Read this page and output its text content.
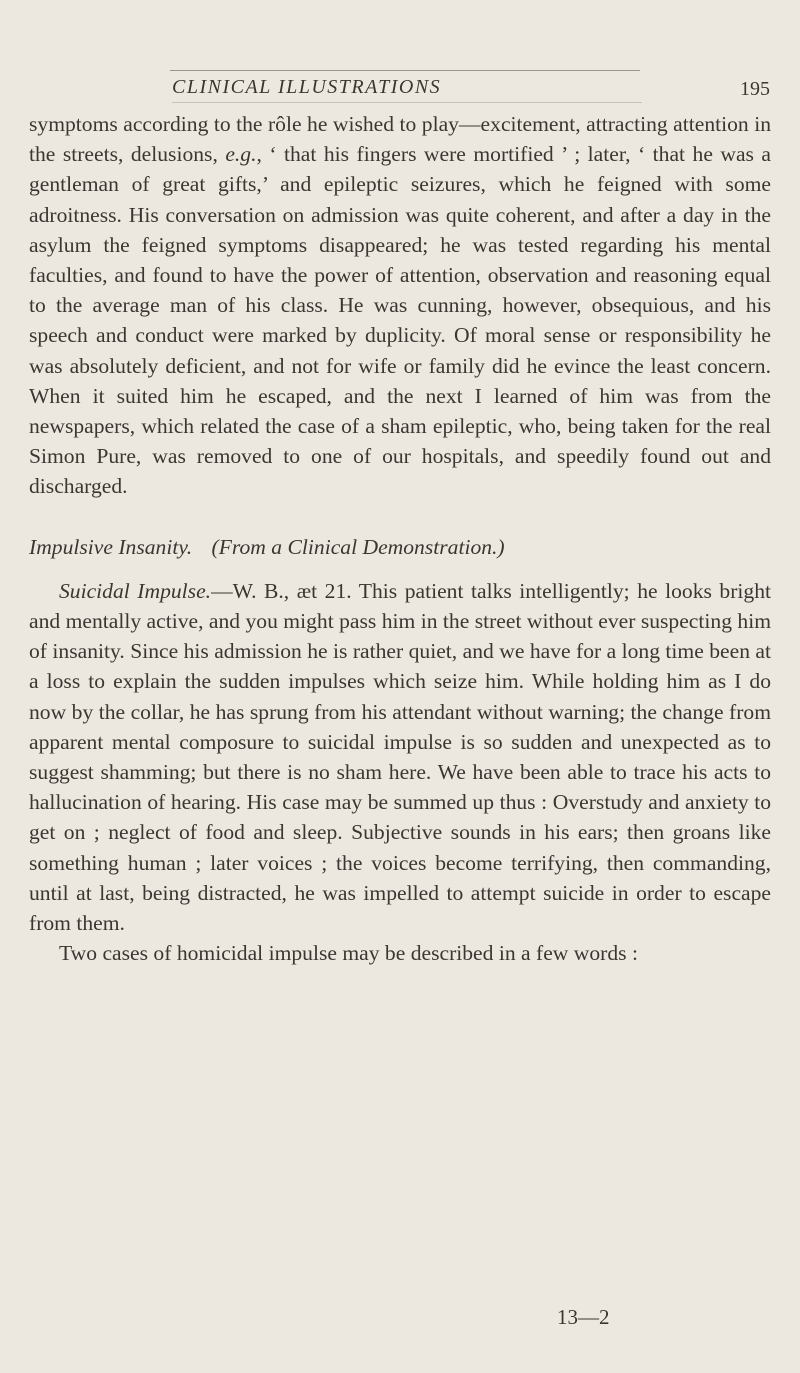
CLINICAL ILLUSTRATIONS	195

symptoms according to the rôle he wished to play—excitement, attracting attention in the streets, delusions, e.g., ‘ that his fingers were mortified ’ ; later, ‘ that he was a gentleman of great gifts,’ and epileptic seizures, which he feigned with some adroitness. His conversation on admission was quite coherent, and after a day in the asylum the feigned symptoms disappeared; he was tested regarding his mental faculties, and found to have the power of attention, observation and reasoning equal to the average man of his class. He was cunning, however, obsequious, and his speech and conduct were marked by duplicity. Of moral sense or responsibility he was absolutely deficient, and not for wife or family did he evince the least concern. When it suited him he escaped, and the next I learned of him was from the newspapers, which related the case of a sham epileptic, who, being taken for the real Simon Pure, was removed to one of our hospitals, and speedily found out and discharged.

Impulsive Insanity. (From a Clinical Demonstration.)

Suicidal Impulse.—W. B., æt 21. This patient talks intelligently; he looks bright and mentally active, and you might pass him in the street without ever suspecting him of insanity. Since his admission he is rather quiet, and we have for a long time been at a loss to explain the sudden impulses which seize him. While holding him as I do now by the collar, he has sprung from his attendant without warning; the change from apparent mental composure to suicidal impulse is so sudden and unexpected as to suggest shamming; but there is no sham here. We have been able to trace his acts to hallucination of hearing. His case may be summed up thus : Overstudy and anxiety to get on ; neglect of food and sleep. Subjective sounds in his ears; then groans like something human ; later voices ; the voices become terrifying, then commanding, until at last, being distracted, he was impelled to attempt suicide in order to escape from them.

Two cases of homicidal impulse may be described in a few words :

13—2
